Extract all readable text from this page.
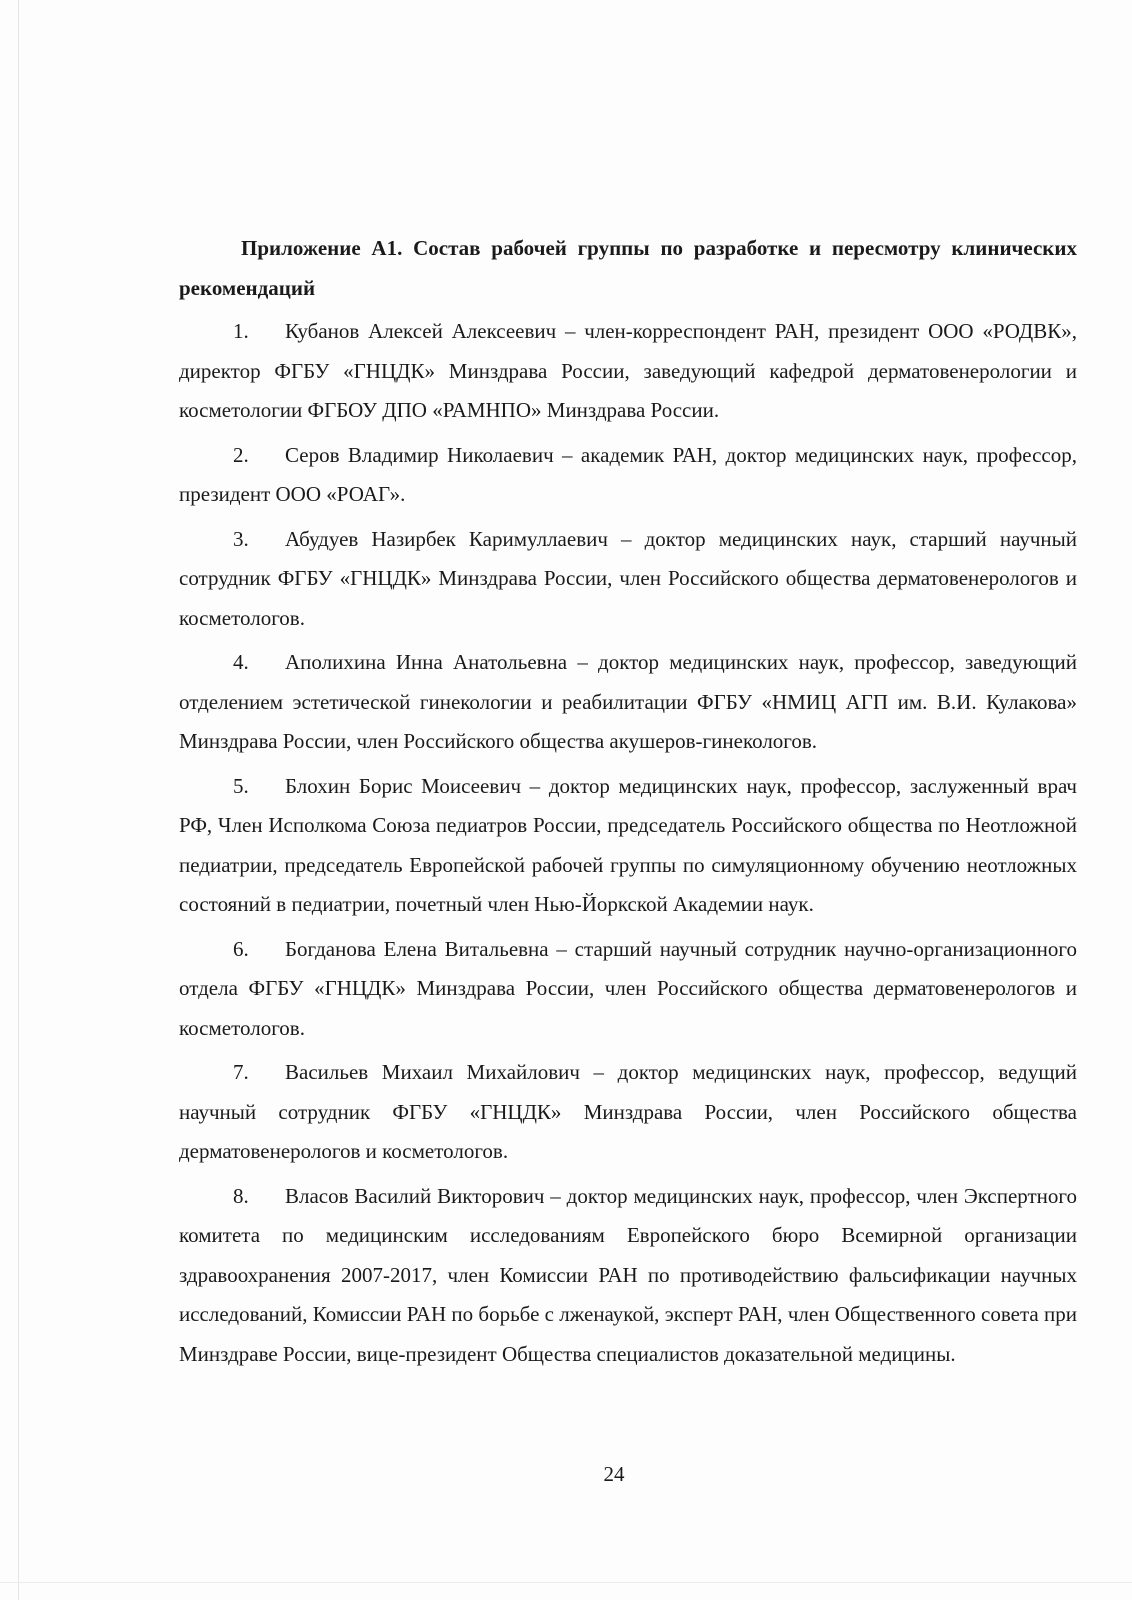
Приложение А1. Состав рабочей группы по разработке и пересмотру клинических рекомендаций

1. Кубанов Алексей Алексеевич – член-корреспондент РАН, президент ООО «РОДВК», директор ФГБУ «ГНЦДК» Минздрава России, заведующий кафедрой дерматовенерологии и косметологии ФГБОУ ДПО «РАМНПО» Минздрава России.

2. Серов Владимир Николаевич – академик РАН, доктор медицинских наук, профессор, президент ООО «РОАГ».

3. Абудуев Назирбек Каримуллаевич – доктор медицинских наук, старший научный сотрудник ФГБУ «ГНЦДК» Минздрава России, член Российского общества дерматовенерологов и косметологов.

4. Аполихина Инна Анатольевна – доктор медицинских наук, профессор, заведующий отделением эстетической гинекологии и реабилитации ФГБУ «НМИЦ АГП им. В.И. Кулакова» Минздрава России, член Российского общества акушеров-гинекологов.

5. Блохин Борис Моисеевич – доктор медицинских наук, профессор, заслуженный врач РФ, Член Исполкома Союза педиатров России, председатель Российского общества по Неотложной педиатрии, председатель Европейской рабочей группы по симуляционному обучению неотложных состояний в педиатрии, почетный член Нью-Йоркской Академии наук.

6. Богданова Елена Витальевна – старший научный сотрудник научно-организационного отдела ФГБУ «ГНЦДК» Минздрава России, член Российского общества дерматовенерологов и косметологов.

7. Васильев Михаил Михайлович – доктор медицинских наук, профессор, ведущий научный сотрудник ФГБУ «ГНЦДК» Минздрава России, член Российского общества дерматовенерологов и косметологов.

8. Власов Василий Викторович – доктор медицинских наук, профессор, член Экспертного комитета по медицинским исследованиям Европейского бюро Всемирной организации здравоохранения 2007-2017, член Комиссии РАН по противодействию фальсификации научных исследований, Комиссии РАН по борьбе с лженаукой, эксперт РАН, член Общественного совета при Минздраве России, вице-президент Общества специалистов доказательной медицины.

24
